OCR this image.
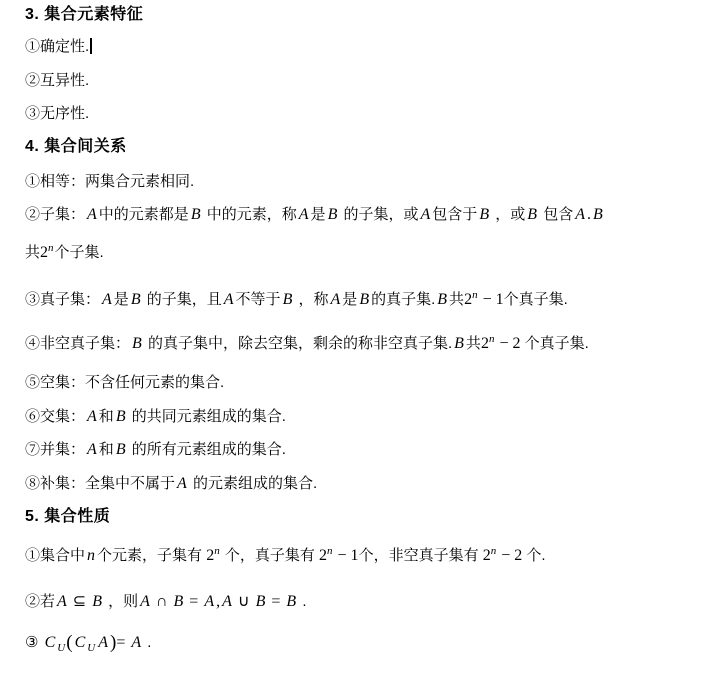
3. 集合元素特征
①确定性.
②互异性.
③无序性.
4. 集合间关系
①相等：两集合元素相同.
②子集： A 中的元素都是 B 中的元素，称 A 是 B 的子集，或 A 包含于 B ，或 B 包含 A . B
共2$^n$个子集.
③真子集： A 是 B 的子集，且 A 不等于 B ，称 A 是 B 的真子集. B 共$2^n - 1$个真子集.
④非空真子集： B 的真子集中，除去空集，剩余的称非空真子集. B 共$2^n - 2$ 个真子集.
⑤空集：不含任何元素的集合.
⑥交集： A 和 B 的共同元素组成的集合.
⑦并集： A 和 B 的所有元素组成的集合.
⑧补集：全集中不属于 A 的元素组成的集合.
5. 集合性质
①集合中 n 个元素，子集有 2$^n$ 个，真子集有 $2^n - 1$个，非空真子集有 $2^n - 2$ 个.
②若 A ⊆ B ，则 A ∩ B = A , A ∪ B = B .
③ C $_U$( C $_U$ A )= A .
